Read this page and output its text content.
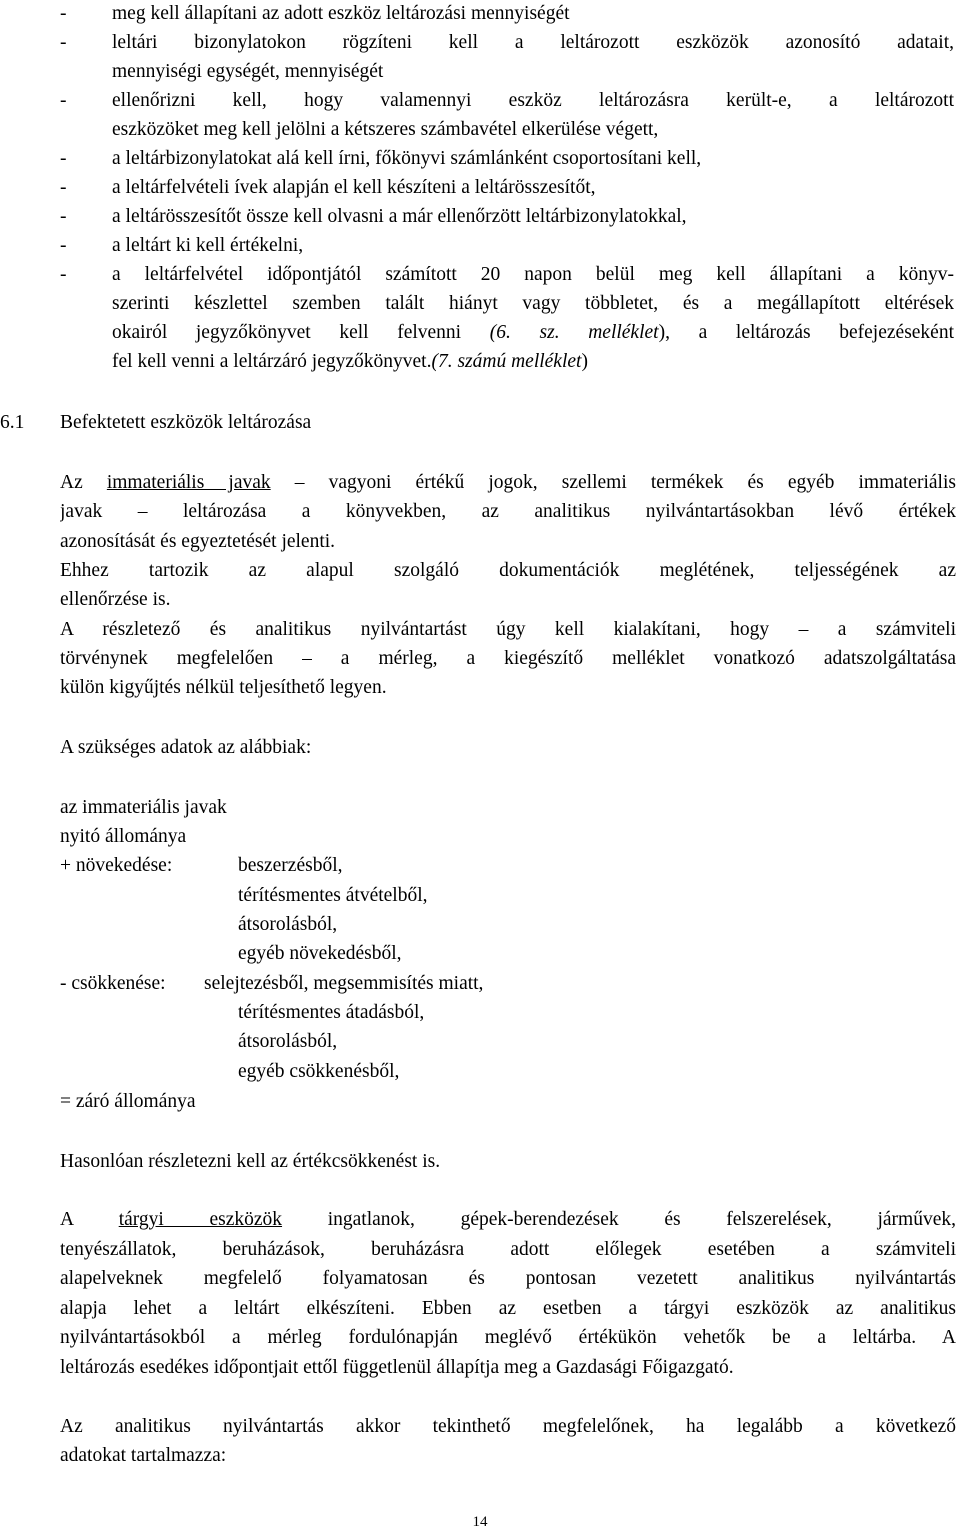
- meg kell állapítani az adott eszköz leltározási mennyiségét
- leltári bizonylatokon rögzíteni kell a leltározott eszközök azonosító adatait,
mennyiségi egységét, mennyiségét
- ellenőrizni kell, hogy valamennyi eszköz leltározásra került-e, a leltározott
eszközöket meg kell jelölni a kétszeres számbavétel elkerülése végett,
- a leltárbizonylatokat alá kell írni, főkönyvi számlánként csoportosítani kell,
- a leltárfelvételi ívek alapján el kell készíteni a leltárösszesítőt,
- a leltárösszesítőt össze kell olvasni a már ellenőrzött leltárbizonylatokkal,
- a leltárt ki kell értékelni,
- a leltárfelvétel időpontjától számított 20 napon belül meg kell állapítani a könyv-
szerinti készlettel szemben talált hiányt vagy többletet, és a megállapított eltérések
okairól jegyzőkönyvet kell felvenni (6. sz. melléklet), a leltározás befejezéseként
fel kell venni a leltárzáró jegyzőkönyvet.(7. számú melléklet)
6.1 Befektetett eszközök leltározása
Az immateriális javak – vagyoni értékű jogok, szellemi termékek és egyéb immateriális
javak – leltározása a könyvekben, az analitikus nyilvántartásokban lévő értékek
azonosítását és egyeztetését jelenti.
Ehhez tartozik az alapul szolgáló dokumentációk meglétének, teljességének az
ellenőrzése is.
A részletező és analitikus nyilvántartást úgy kell kialakítani, hogy – a számviteli
törvénynek megfelelően – a mérleg, a kiegészítő melléklet vonatkozó adatszolgáltatása
külön kigyűjtés nélkül teljesíthető legyen.
A szükséges adatok az alábbiak:
az immateriális javak
nyitó állománya
+ növekedése:	beszerzésből,
térítésmentes átvételből,
átsorolásból,
egyéb növekedésből,
- csökkenése: selejtezésből, megsemmisítés miatt,
térítésmentes átadásból,
átsorolásból,
egyéb csökkenésből,
= záró állománya
Hasonlóan részletezni kell az értékcsökkenést is.
A tárgyi eszközök ingatlanok, gépek-berendezések és felszerelések, járművek,
tenyészállatok, beruházások, beruházásra adott előlegek esetében a számviteli
alapelveknek megfelelő folyamatosan és pontosan vezetett analitikus nyilvántartás
alapja lehet a leltárt elkészíteni. Ebben az esetben a tárgyi eszközök az analitikus
nyilvántartásokból a mérleg fordulónapján meglévő értékükön vehetők be a leltárba. A
leltározás esedékes időpontjait ettől függetlenül állapítja meg a Gazdasági Főigazgató.
Az analitikus nyilvántartás akkor tekinthető megfelelőnek, ha legalább a következő
adatokat tartalmazza:
14
